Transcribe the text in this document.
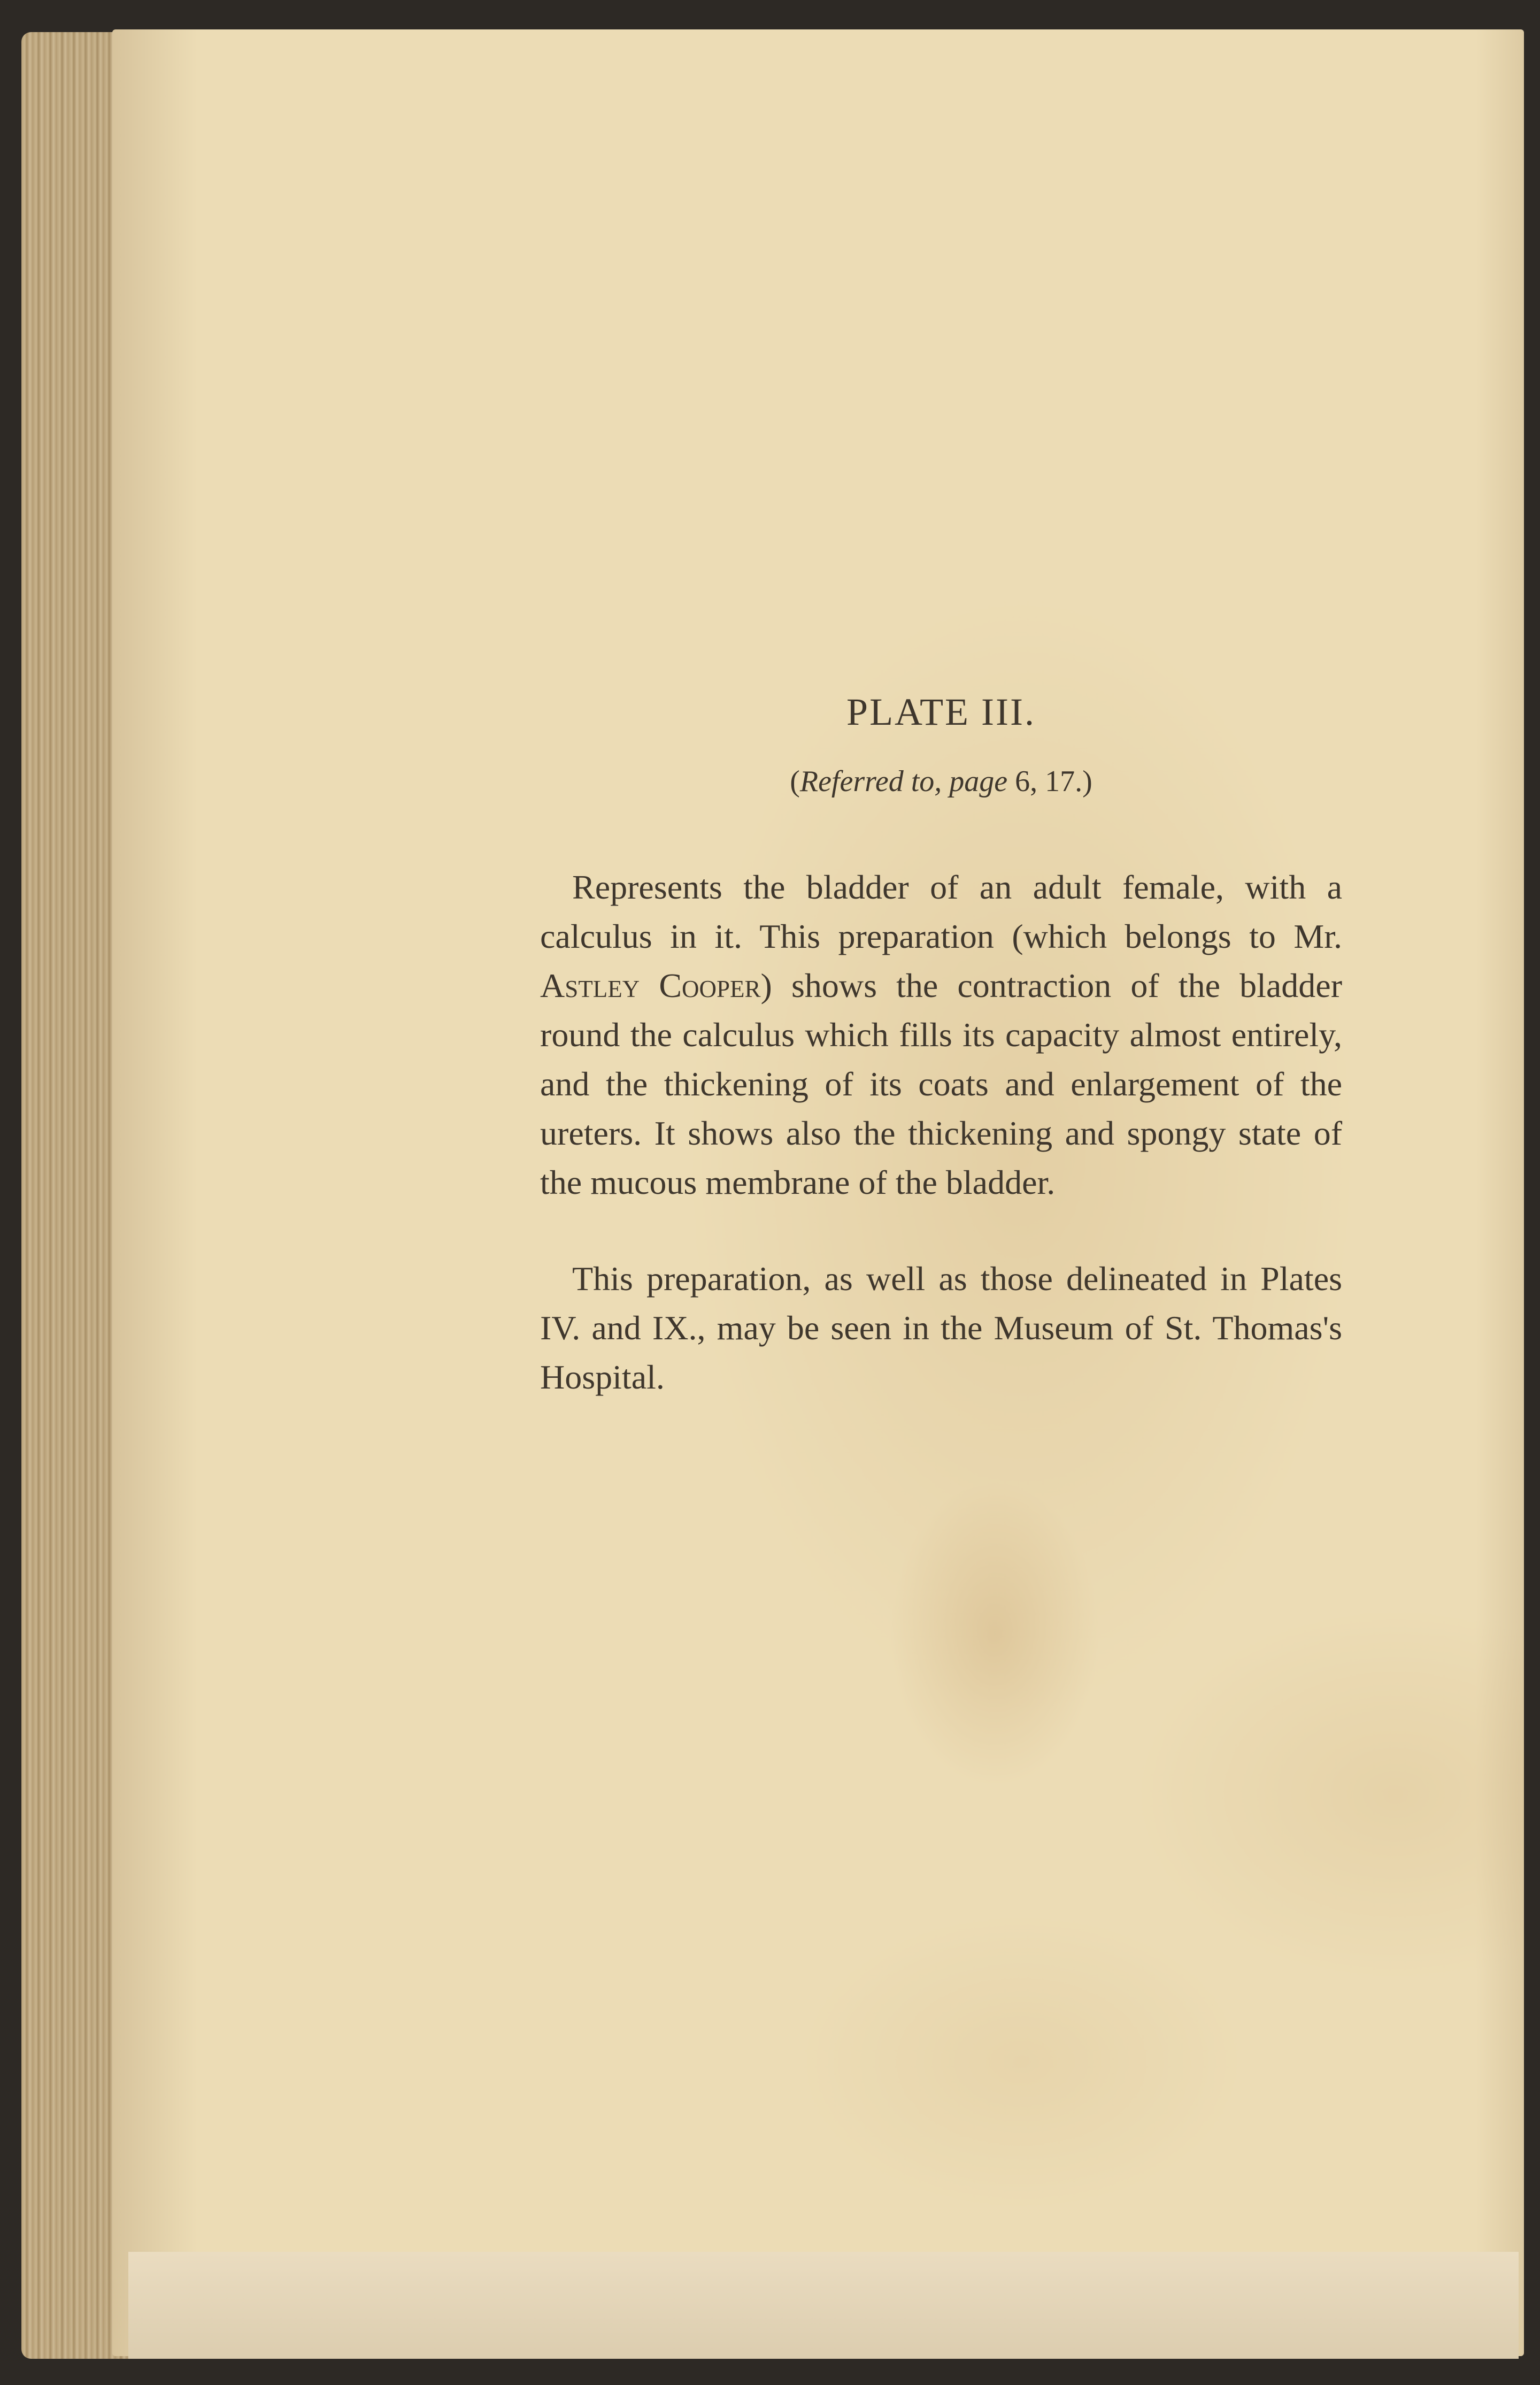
PLATE III.
(Referred to, page 6, 17.)

Represents the bladder of an adult female, with a calculus in it. This preparation (which belongs to Mr. Astley Cooper) shows the contraction of the bladder round the calculus which fills its capacity almost entirely, and the thickening of its coats and enlargement of the ureters. It shows also the thickening and spongy state of the mucous membrane of the bladder.

This preparation, as well as those delineated in Plates IV. and IX., may be seen in the Museum of St. Thomas's Hospital.
